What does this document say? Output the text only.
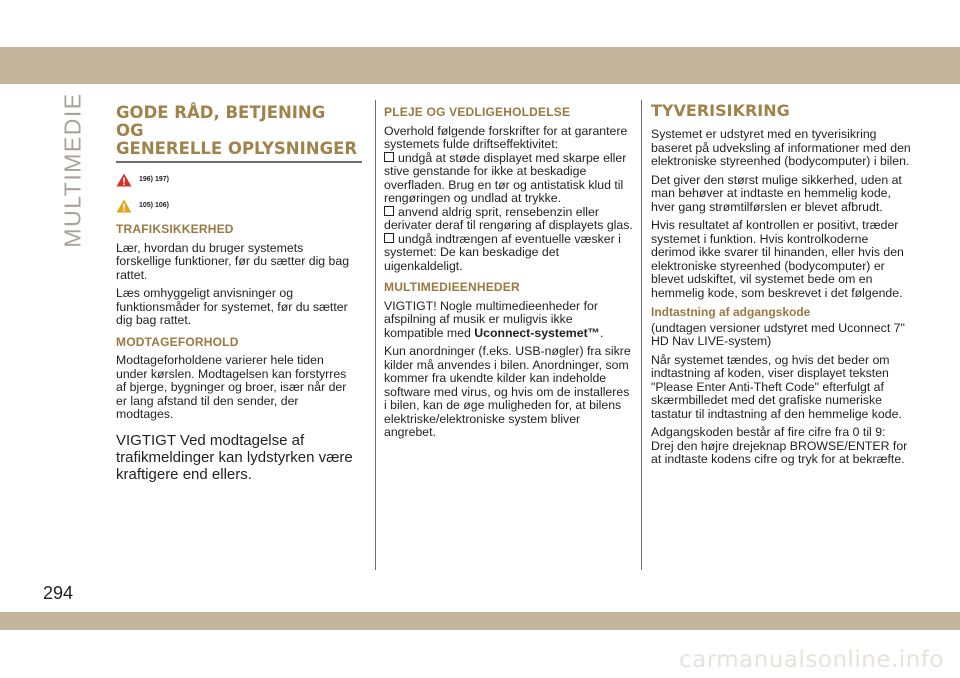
MULTIMEDIE
294
carmanualsonline.info
GODE RÅD, BETJENING OG
GENERELLE OPLYSNINGER
196) 197)
105) 106)
TRAFIKSIKKERHED

Lær, hvordan du bruger systemets forskellige funktioner, før du sætter dig bag rattet.

Læs omhyggeligt anvisninger og funktionsmåder for systemet, før du sætter dig bag rattet.

MODTAGEFORHOLD

Modtageforholdene varierer hele tiden under kørslen. Modtagelsen kan forstyrres af bjerge, bygninger og broer, især når der er lang afstand til den sender, der modtages.

VIGTIGT Ved modtagelse af trafikmeldinger kan lydstyrken være kraftigere end ellers.

PLEJE OG VEDLIGEHOLDELSE

Overhold følgende forskrifter for at garantere systemets fulde driftseffektivitet:

undgå at støde displayet med skarpe eller stive genstande for ikke at beskadige overfladen. Brug en tør og antistatisk klud til rengøringen og undlad at trykke.
anvend aldrig sprit, rensebenzin eller derivater deraf til rengøring af displayets glas.
undgå indtrængen af eventuelle væsker i systemet: De kan beskadige det uigenkaldeligt.
MULTIMEDIEENHEDER

VIGTIGT! Nogle multimedieenheder for afspilning af musik er muligvis ikke kompatible med Uconnect-systemet™.

Kun anordninger (f.eks. USB-nøgler) fra sikre kilder må anvendes i bilen. Anordninger, som kommer fra ukendte kilder kan indeholde software med virus, og hvis om de installeres i bilen, kan de øge muligheden for, at bilens elektriske/elektroniske system bliver angrebet.

TYVERISIKRING

Systemet er udstyret med en tyverisikring baseret på udveksling af informationer med den elektroniske styreenhed (bodycomputer) i bilen.

Det giver den størst mulige sikkerhed, uden at man behøver at indtaste en hemmelig kode, hver gang strømtilførslen er blevet afbrudt.

Hvis resultatet af kontrollen er positivt, træder systemet i funktion. Hvis kontrolkoderne derimod ikke svarer til hinanden, eller hvis den elektroniske styreenhed (bodycomputer) er blevet udskiftet, vil systemet bede om en hemmelig kode, som beskrevet i det følgende.

Indtastning af adgangskode

(undtagen versioner udstyret med Uconnect 7" HD Nav LIVE-system)

Når systemet tændes, og hvis det beder om indtastning af koden, viser displayet teksten "Please Enter Anti-Theft Code" efterfulgt af skærmbilledet med det grafiske numeriske tastatur til indtastning af den hemmelige kode.

Adgangskoden består af fire cifre fra 0 til 9: Drej den højre drejeknap BROWSE/ENTER for at indtaste kodens cifre og tryk for at bekræfte.
